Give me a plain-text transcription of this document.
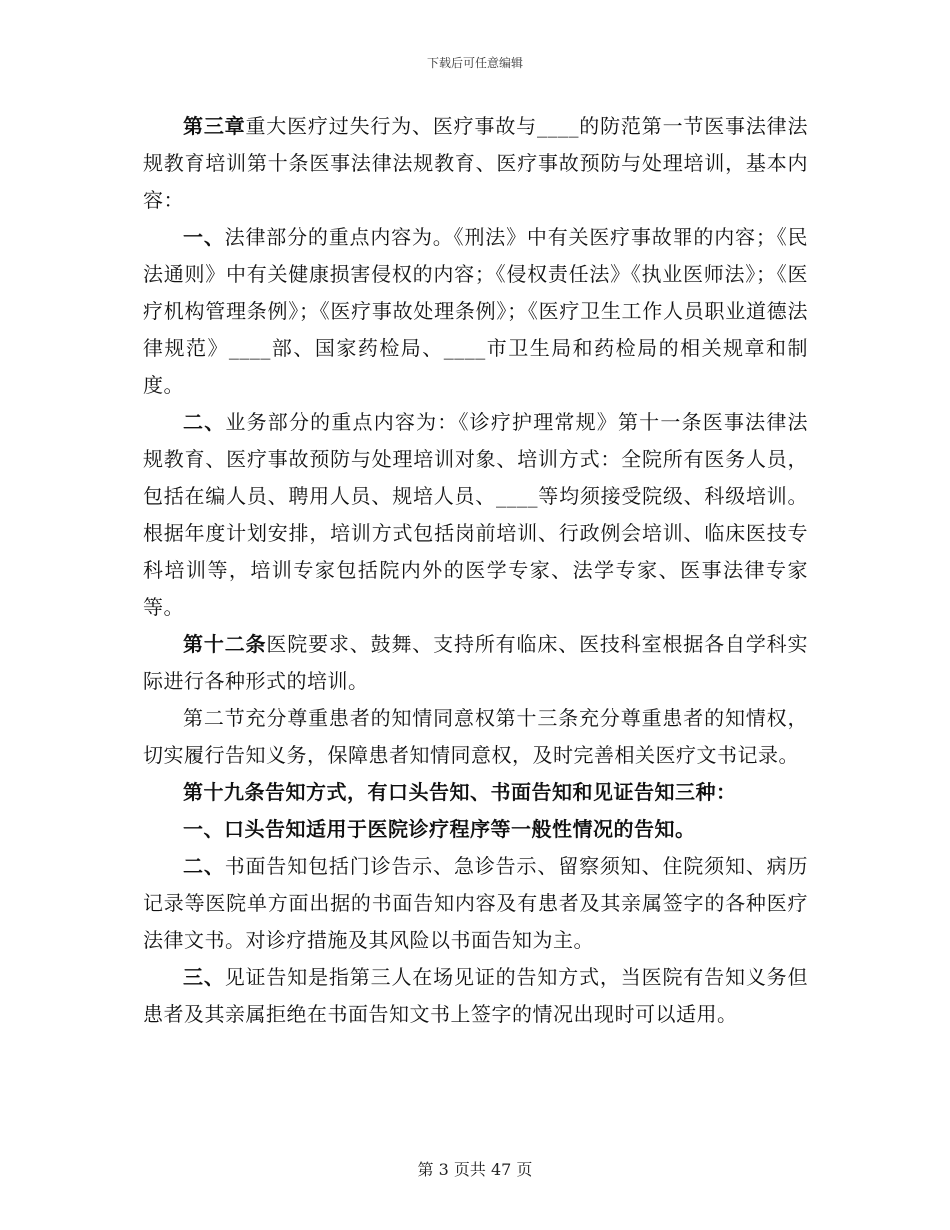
下载后可任意编辑

第三章重大医疗过失行为、医疗事故与____的防范第一节医事法律法规教育培训第十条医事法律法规教育、医疗事故预防与处理培训，基本内容：

一、法律部分的重点内容为。《刑法》中有关医疗事故罪的内容；《民法通则》中有关健康损害侵权的内容；《侵权责任法》《执业医师法》；《医疗机构管理条例》；《医疗事故处理条例》；《医疗卫生工作人员职业道德法律规范》____部、国家药检局、____市卫生局和药检局的相关规章和制度。

二、业务部分的重点内容为：《诊疗护理常规》第十一条医事法律法规教育、医疗事故预防与处理培训对象、培训方式：全院所有医务人员，包括在编人员、聘用人员、规培人员、____等均须接受院级、科级培训。根据年度计划安排，培训方式包括岗前培训、行政例会培训、临床医技专科培训等，培训专家包括院内外的医学专家、法学专家、医事法律专家等。

第十二条医院要求、鼓舞、支持所有临床、医技科室根据各自学科实际进行各种形式的培训。

第二节充分尊重患者的知情同意权第十三条充分尊重患者的知情权，切实履行告知义务，保障患者知情同意权，及时完善相关医疗文书记录。

第十九条告知方式，有口头告知、书面告知和见证告知三种：

一、口头告知适用于医院诊疗程序等一般性情况的告知。

二、书面告知包括门诊告示、急诊告示、留察须知、住院须知、病历记录等医院单方面出据的书面告知内容及有患者及其亲属签字的各种医疗法律文书。对诊疗措施及其风险以书面告知为主。

三、见证告知是指第三人在场见证的告知方式，当医院有告知义务但患者及其亲属拒绝在书面告知文书上签字的情况出现时可以适用。

第 3 页共 47 页
